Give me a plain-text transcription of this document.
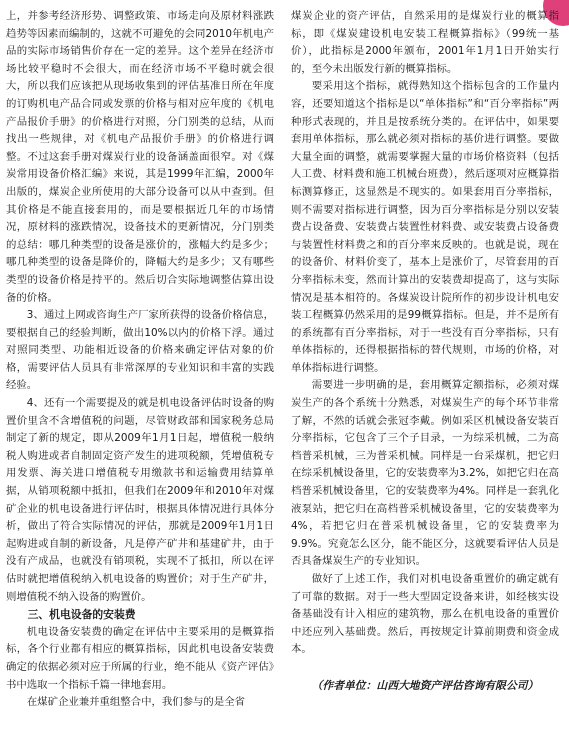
上，并参考经济形势、调整政策、市场走向及原材料涨跌趋势等因素而编制的，这就不可避免的会同2010年机电产品的实际市场销售价存在一定的差异。这个差异在经济市场比较平稳时不会很大，而在经济市场不平稳时就会很大，所以我们应该把从现场收集到的评估基准日所在年度的订购机电产品合同或发票的价格与相对应年度的《机电产品报价手册》的价格进行对照，分门别类的总结，从而找出一些规律，对《机电产品报价手册》的价格进行调整。不过这套手册对煤炭行业的设备涵盖面很窄。对《煤炭常用设备价格汇编》来说，其是1999年汇编，2000年出版的，煤炭企业所使用的大部分设备可以从中查到。但其价格是不能直接套用的，而是要根据近几年的市场情况，原材料的涨跌情况，设备技术的更新情况，分门别类的总结：哪几种类型的设备是涨价的，涨幅大约是多少；哪几种类型的设备是降价的，降幅大约是多少；又有哪些类型的设备价格是持平的。然后切合实际地调整估算出设备的价格。

3、通过上网或咨询生产厂家所获得的设备价格信息，要根据自己的经验判断，做出10%以内的价格下浮。通过对照同类型、功能相近设备的价格来确定评估对象的价格，需要评估人员具有非常深厚的专业知识和丰富的实践经验。

4、还有一个需要提及的就是机电设备评估时设备的购置价里含不含增值税的问题，尽管财政部和国家税务总局制定了新的规定，即从2009年1月1日起，增值税一般纳税人购进或者自制固定资产发生的进项税额，凭增值税专用发票、海关进口增值税专用缴款书和运输费用结算单据，从销项税额中抵扣，但我们在2009年和2010年对煤矿企业的机电设备进行评估时，根据具体情况进行具体分析，做出了符合实际情况的评估，那就是2009年1月1日起购进或自制的新设备，凡是停产矿井和基建矿井，由于没有产成品，也就没有销项税，实现不了抵扣，所以在评估时就把增值税纳入机电设备的购置价；对于生产矿井，则增值税不纳入设备的购置价。

三、机电设备的安装费

机电设备安装费的确定在评估中主要采用的是概算指标，各个行业都有相应的概算指标，因此机电设备安装费确定的依据必须对应于所属的行业，绝不能从《资产评估》书中选取一个指标千篇一律地套用。

在煤矿企业兼并重组整合中，我们参与的是全省

煤炭企业的资产评估，自然采用的是煤炭行业的概算指标，即《煤炭建设机电安装工程概算指标》（99统一基价），此指标是2000年颁布，2001年1月1日开始实行的，至今未出版发行新的概算指标。

要采用这个指标，就得熟知这个指标包含的工作量内容，还要知道这个指标是以“单体指标”和“百分率指标”两种形式表现的，并且是按系统分类的。在评估中，如果要套用单体指标，那么就必须对指标的基价进行调整。要做大量全面的调整，就需要掌握大量的市场价格资料（包括人工费、材料费和施工机械台班费），然后逐项对应概算指标测算修正，这显然是不现实的。如果套用百分率指标，则不需要对指标进行调整，因为百分率指标是分别以安装费占设备费、安装费占装置性材料费、或安装费占设备费与装置性材料费之和的百分率来反映的。也就是说，现在的设备价、材料价变了，基本上是涨价了，尽管套用的百分率指标未变，然而计算出的安装费却提高了，这与实际情况是基本相符的。各煤炭设计院所作的初步设计机电安装工程概算仍然采用的是99概算指标。但是，并不是所有的系统都有百分率指标，对于一些没有百分率指标，只有单体指标的，还得根据指标的替代规则，市场的价格，对单体指标进行调整。

需要进一步明确的是，套用概算定额指标，必须对煤炭生产的各个系统十分熟悉，对煤炭生产的每个环节非常了解，不然的话就会张冠李戴。例如采区机械设备安装百分率指标，它包含了三个子目录，一为综采机械，二为高档普采机械，三为普采机械。同样是一台采煤机，把它归在综采机械设备里，它的安装费率为3.2%，如把它归在高档普采机械设备里，它的安装费率为4%。同样是一套乳化液泵站，把它归在高档普采机械设备里，它的安装费率为4%，若把它归在普采机械设备里，它的安装费率为9.9%。究竟怎么区分，能不能区分，这就要看评估人员是否具备煤炭生产的专业知识。

做好了上述工作，我们对机电设备重置价的确定就有了可靠的数据。对于一些大型固定设备来讲，如经核实设备基础没有计入相应的建筑物，那么在机电设备的重置价中还应列入基础费。然后，再按规定计算前期费和资金成本。

（作者单位：山西大地资产评估咨询有限公司）
